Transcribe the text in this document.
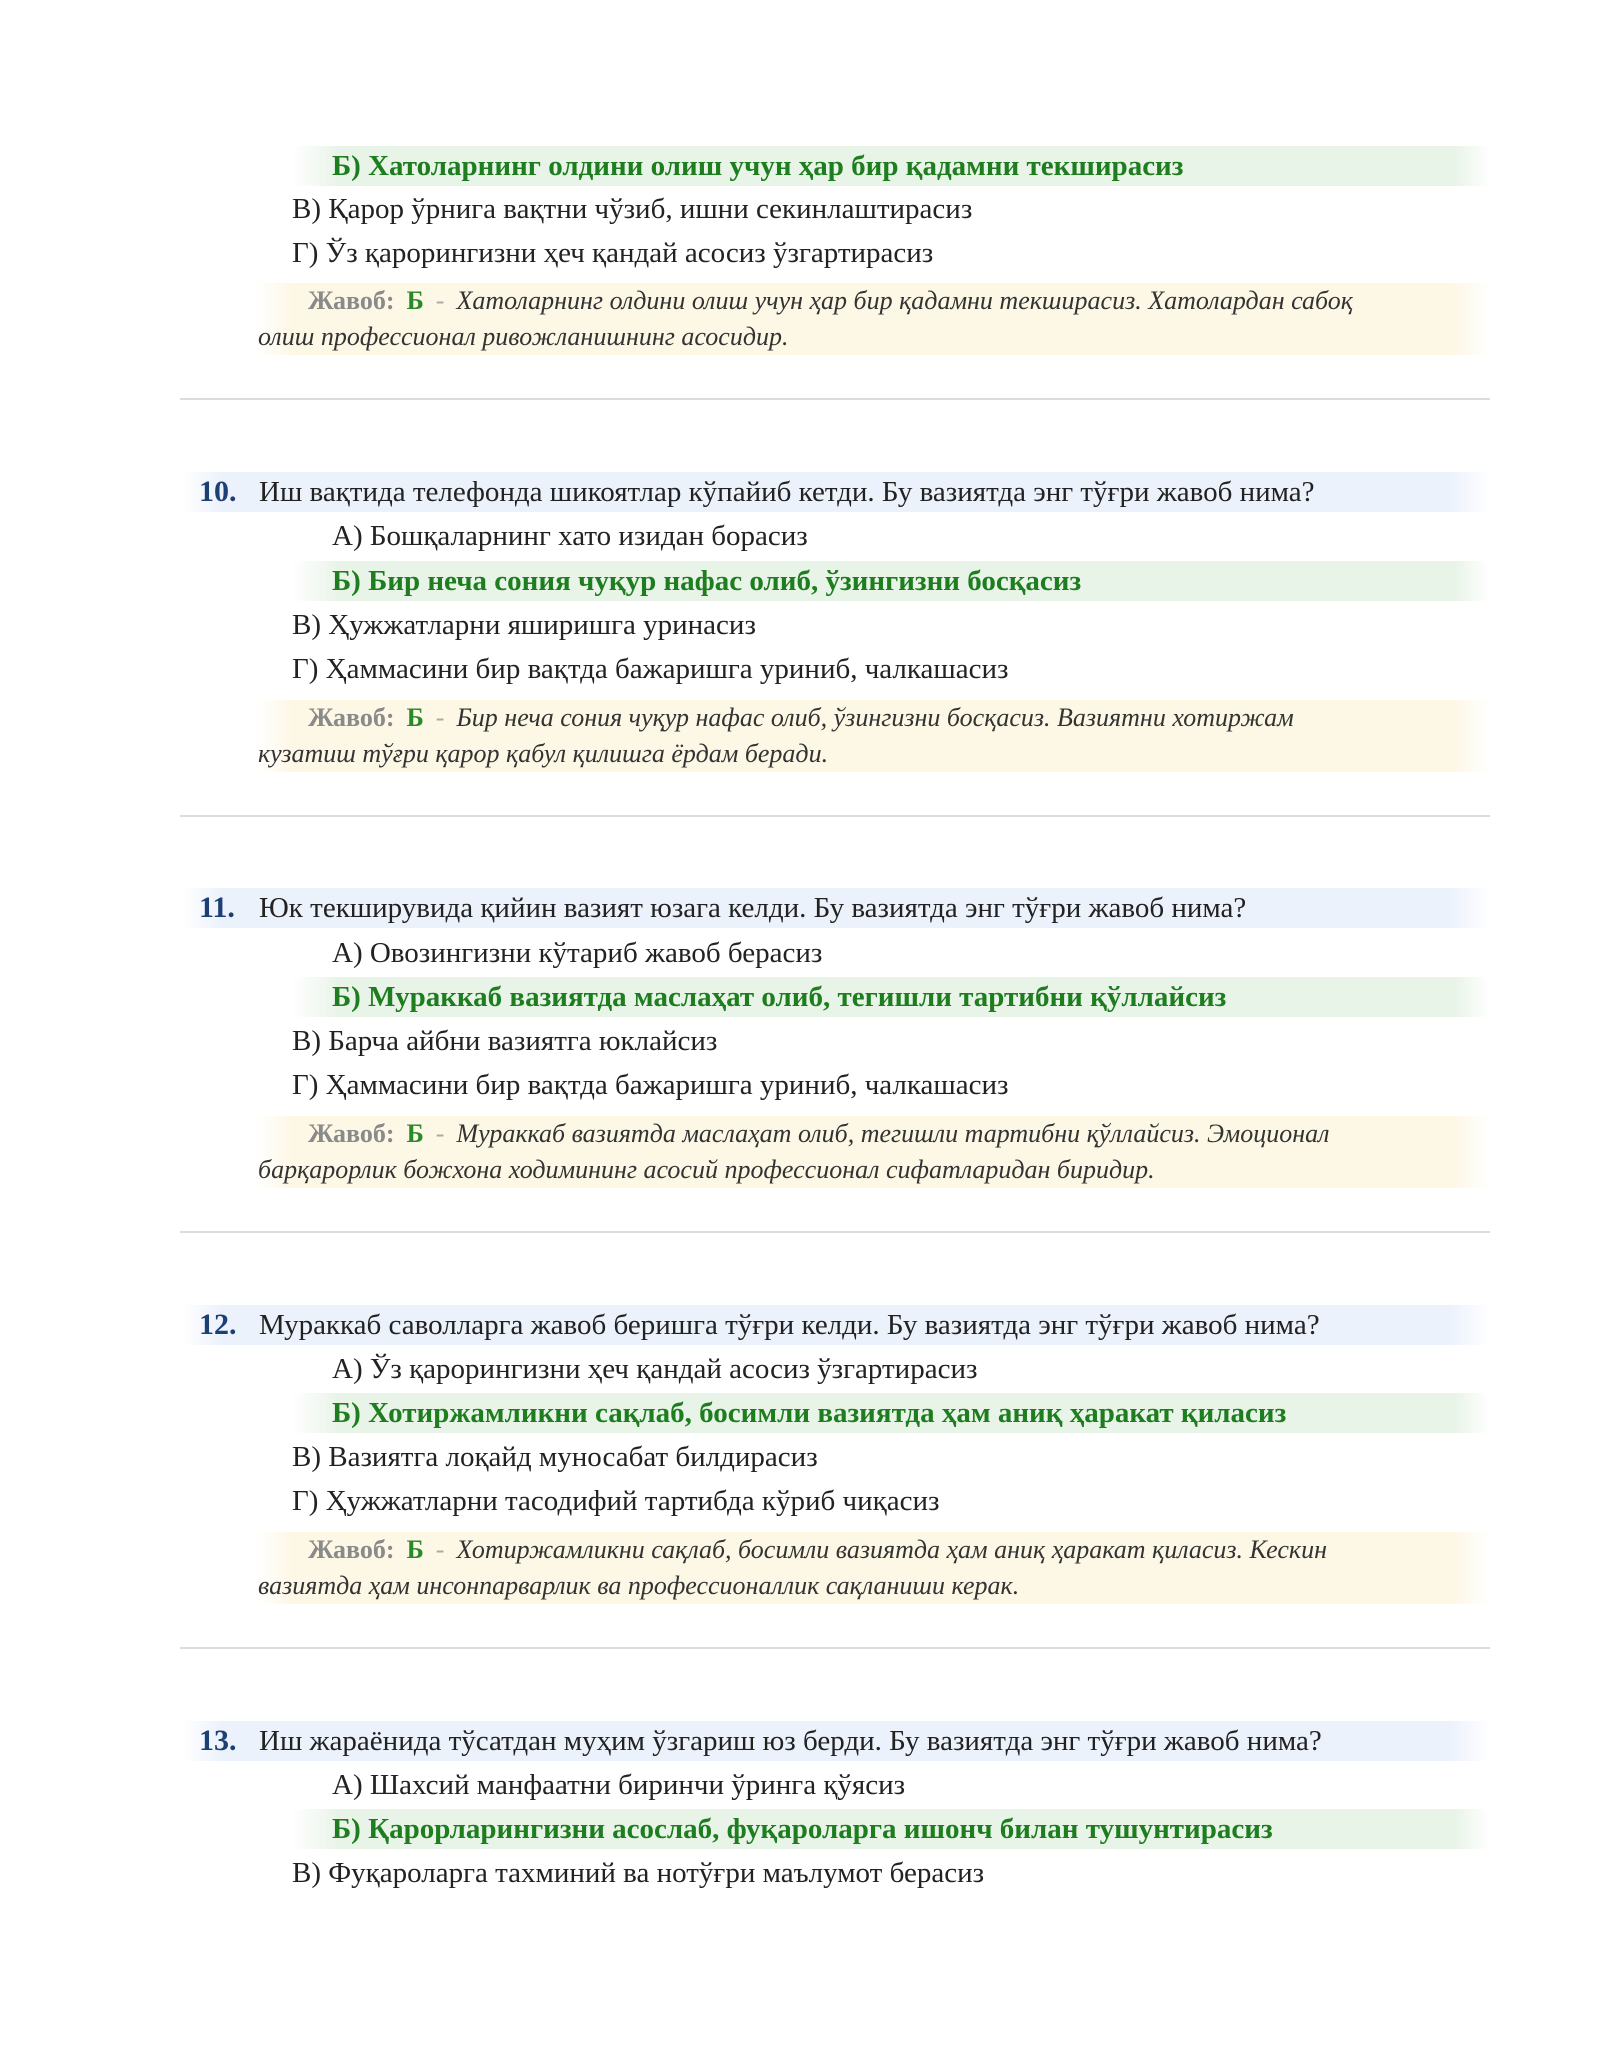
Б) Хатоларнинг олдини олиш учун ҳар бир қадамни текширасиз
В) Қарор ўрнига вақтни чўзиб, ишни секинлаштирасиз
Г) Ўз қарорингизни ҳеч қандай асосиз ўзгартирасиз
Жавоб: Б - Хатоларнинг олдини олиш учун ҳар бир қадамни текширасиз. Хатолардан сабоқ
олиш профессионал ривожланишнинг асосидир.
10. Иш вақтида телефонда шикоятлар кўпайиб кетди. Бу вазиятда энг тўғри жавоб нима?
А) Бошқаларнинг хато изидан борасиз
Б) Бир неча сония чуқур нафас олиб, ўзингизни босқасиз
В) Ҳужжатларни яширишга уринасиз
Г) Ҳаммасини бир вақтда бажаришга уриниб, чалкашасиз
Жавоб: Б - Бир неча сония чуқур нафас олиб, ўзингизни босқасиз. Вазиятни хотиржам
кузатиш тўғри қарор қабул қилишга ёрдам беради.
11. Юк текширувида қийин вазият юзага келди. Бу вазиятда энг тўғри жавоб нима?
А) Овозингизни кўтариб жавоб берасиз
Б) Мураккаб вазиятда маслаҳат олиб, тегишли тартибни қўллайсиз
В) Барча айбни вазиятга юклайсиз
Г) Ҳаммасини бир вақтда бажаришга уриниб, чалкашасиз
Жавоб: Б - Мураккаб вазиятда маслаҳат олиб, тегишли тартибни қўллайсиз. Эмоционал
барқарорлик божхона ходимининг асосий профессионал сифатларидан биридир.
12. Мураккаб саволларга жавоб беришга тўғри келди. Бу вазиятда энг тўғри жавоб нима?
А) Ўз қарорингизни ҳеч қандай асосиз ўзгартирасиз
Б) Хотиржамликни сақлаб, босимли вазиятда ҳам аниқ ҳаракат қиласиз
В) Вазиятга лоқайд муносабат билдирасиз
Г) Ҳужжатларни тасодифий тартибда кўриб чиқасиз
Жавоб: Б - Хотиржамликни сақлаб, босимли вазиятда ҳам аниқ ҳаракат қиласиз. Кескин
вазиятда ҳам инсонпарварлик ва профессионаллик сақланиши керак.
13. Иш жараёнида тўсатдан муҳим ўзгариш юз берди. Бу вазиятда энг тўғри жавоб нима?
А) Шахсий манфаатни биринчи ўринга қўясиз
Б) Қарорларингизни асослаб, фуқароларга ишонч билан тушунтирасиз
В) Фуқароларга тахминий ва нотўғри маълумот берасиз
